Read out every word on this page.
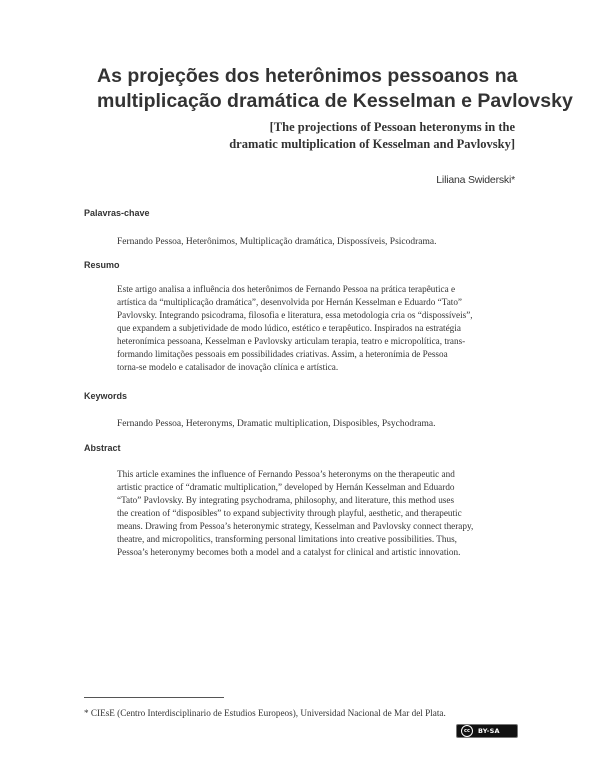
As projeções dos heterônimos pessoanos na
multiplicação dramática de Kesselman e Pavlovsky
[The projections of Pessoan heteronyms in the
dramatic multiplication of Kesselman and Pavlovsky]
Liliana Swiderski*
Palavras-chave
Fernando Pessoa, Heterônimos, Multiplicação dramática, Dispossíveis, Psicodrama.
Resumo
Este artigo analisa a influência dos heterônimos de Fernando Pessoa na prática terapêutica e
artística da “multiplicação dramática”, desenvolvida por Hernán Kesselman e Eduardo “Tato”
Pavlovsky. Integrando psicodrama, filosofia e literatura, essa metodologia cria os “dispossíveis”,
que expandem a subjetividade de modo lúdico, estético e terapêutico. Inspirados na estratégia
heteronímica pessoana, Kesselman e Pavlovsky articulam terapia, teatro e micropolítica, trans-
formando limitações pessoais em possibilidades criativas. Assim, a heteronímia de Pessoa
torna-se modelo e catalisador de inovação clínica e artística.
Keywords
Fernando Pessoa, Heteronyms, Dramatic multiplication, Disposibles, Psychodrama.
Abstract
This article examines the influence of Fernando Pessoa’s heteronyms on the therapeutic and
artistic practice of “dramatic multiplication,” developed by Hernán Kesselman and Eduardo
“Tato” Pavlovsky. By integrating psychodrama, philosophy, and literature, this method uses
the creation of “disposibles” to expand subjectivity through playful, aesthetic, and therapeutic
means. Drawing from Pessoa’s heteronymic strategy, Kesselman and Pavlovsky connect therapy,
theatre, and micropolitics, transforming personal limitations into creative possibilities. Thus,
Pessoa’s heteronymy becomes both a model and a catalyst for clinical and artistic innovation.
* CIEsE (Centro Interdisciplinario de Estudios Europeos), Universidad Nacional de Mar del Plata.
cc	BY-SA
